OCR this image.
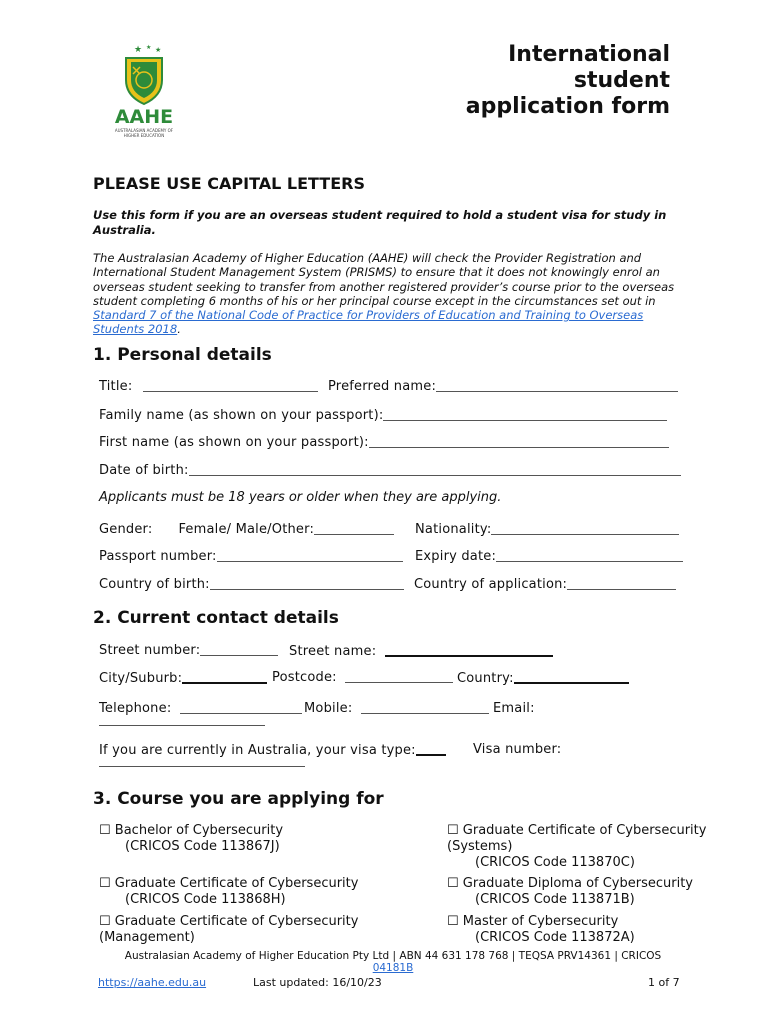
★ ★ ★
AAHE
AUSTRALASIAN ACADEMY OF HIGHER EDUCATION
International
student
application form
PLEASE USE CAPITAL LETTERS
Use this form if you are an overseas student required to hold a student visa for study in Australia.
The Australasian Academy of Higher Education (AAHE) will check the Provider Registration and International Student Management System (PRISMS) to ensure that it does not knowingly enrol an overseas student seeking to transfer from another registered provider’s course prior to the overseas student completing 6 months of his or her principal course except in the circumstances set out in Standard 7 of the National Code of Practice for Providers of Education and Training to Overseas Students 2018.
1. Personal details
Title:	Preferred name:
Family name (as shown on your passport):
First name (as shown on your passport):
Date of birth:
Applicants must be 18 years or older when they are applying.
Gender: Female/ Male/Other:	Nationality:
Passport number:	Expiry date:
Country of birth:	Country of application:
2. Current contact details
Street number:	Street name:
City/Suburb:	Postcode:	Country:
Telephone:	Mobile:	Email:
If you are currently in Australia, your visa type:	Visa number:
3. Course you are applying for
☐ Bachelor of Cybersecurity
(CRICOS Code 113867J)
☐ Graduate Certificate of Cybersecurity
(CRICOS Code 113868H)
☐ Graduate Certificate of Cybersecurity
(Management)
☐ Graduate Certificate of Cybersecurity
(Systems)
(CRICOS Code 113870C)
☐ Graduate Diploma of Cybersecurity
(CRICOS Code 113871B)
☐ Master of Cybersecurity
(CRICOS Code 113872A)
Australasian Academy of Higher Education Pty Ltd | ABN 44 631 178 768 | TEQSA PRV14361 | CRICOS
04181B
https://aahe.edu.au	Last updated: 16/10/23	1 of 7
